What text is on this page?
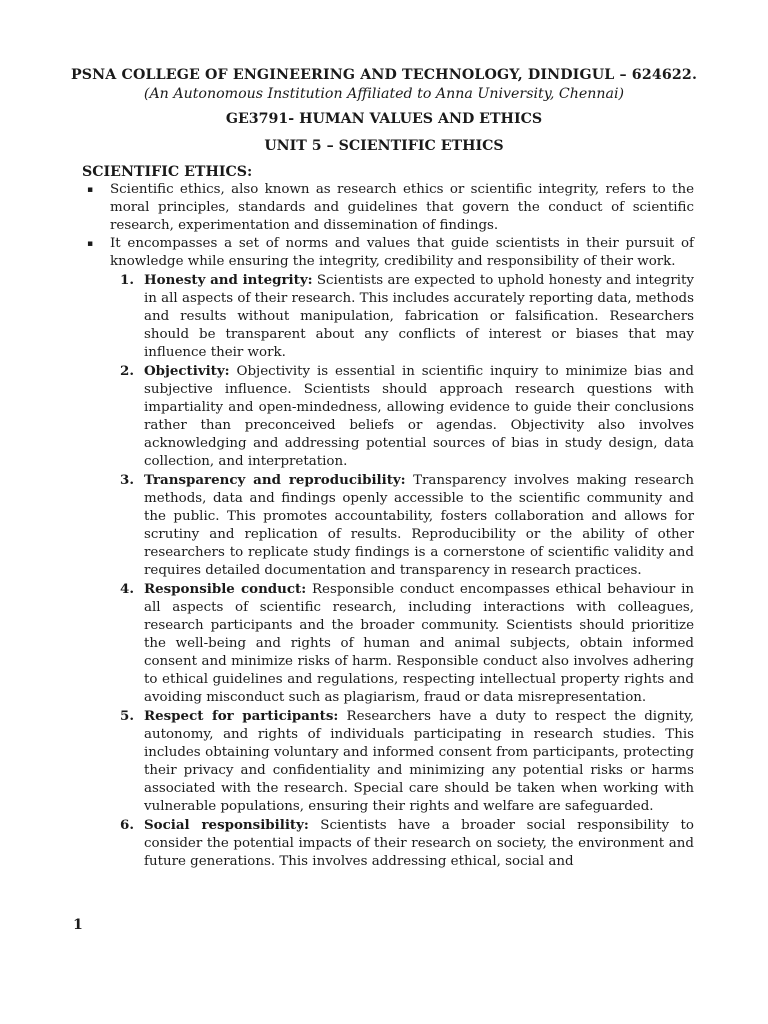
PSNA COLLEGE OF ENGINEERING AND TECHNOLOGY, DINDIGUL – 624622.
(An Autonomous Institution Affiliated to Anna University, Chennai)
GE3791- HUMAN VALUES AND ETHICS
UNIT 5 – SCIENTIFIC ETHICS
SCIENTIFIC ETHICS:
▪ Scientific ethics, also known as research ethics or scientific integrity, refers to the moral principles, standards and guidelines that govern the conduct of scientific research, experimentation and dissemination of findings.
▪ It encompasses a set of norms and values that guide scientists in their pursuit of knowledge while ensuring the integrity, credibility and responsibility of their work.
1. Honesty and integrity: Scientists are expected to uphold honesty and integrity in all aspects of their research. This includes accurately reporting data, methods and results without manipulation, fabrication or falsification. Researchers should be transparent about any conflicts of interest or biases that may influence their work.
2. Objectivity: Objectivity is essential in scientific inquiry to minimize bias and subjective influence. Scientists should approach research questions with impartiality and open-mindedness, allowing evidence to guide their conclusions rather than preconceived beliefs or agendas. Objectivity also involves acknowledging and addressing potential sources of bias in study design, data collection, and interpretation.
3. Transparency and reproducibility: Transparency involves making research methods, data and findings openly accessible to the scientific community and the public. This promotes accountability, fosters collaboration and allows for scrutiny and replication of results. Reproducibility or the ability of other researchers to replicate study findings is a cornerstone of scientific validity and requires detailed documentation and transparency in research practices.
4. Responsible conduct: Responsible conduct encompasses ethical behaviour in all aspects of scientific research, including interactions with colleagues, research participants and the broader community. Scientists should prioritize the well-being and rights of human and animal subjects, obtain informed consent and minimize risks of harm. Responsible conduct also involves adhering to ethical guidelines and regulations, respecting intellectual property rights and avoiding misconduct such as plagiarism, fraud or data misrepresentation.
5. Respect for participants: Researchers have a duty to respect the dignity, autonomy, and rights of individuals participating in research studies. This includes obtaining voluntary and informed consent from participants, protecting their privacy and confidentiality and minimizing any potential risks or harms associated with the research. Special care should be taken when working with vulnerable populations, ensuring their rights and welfare are safeguarded.
6. Social responsibility: Scientists have a broader social responsibility to consider the potential impacts of their research on society, the environment and future generations. This involves addressing ethical, social and
1
